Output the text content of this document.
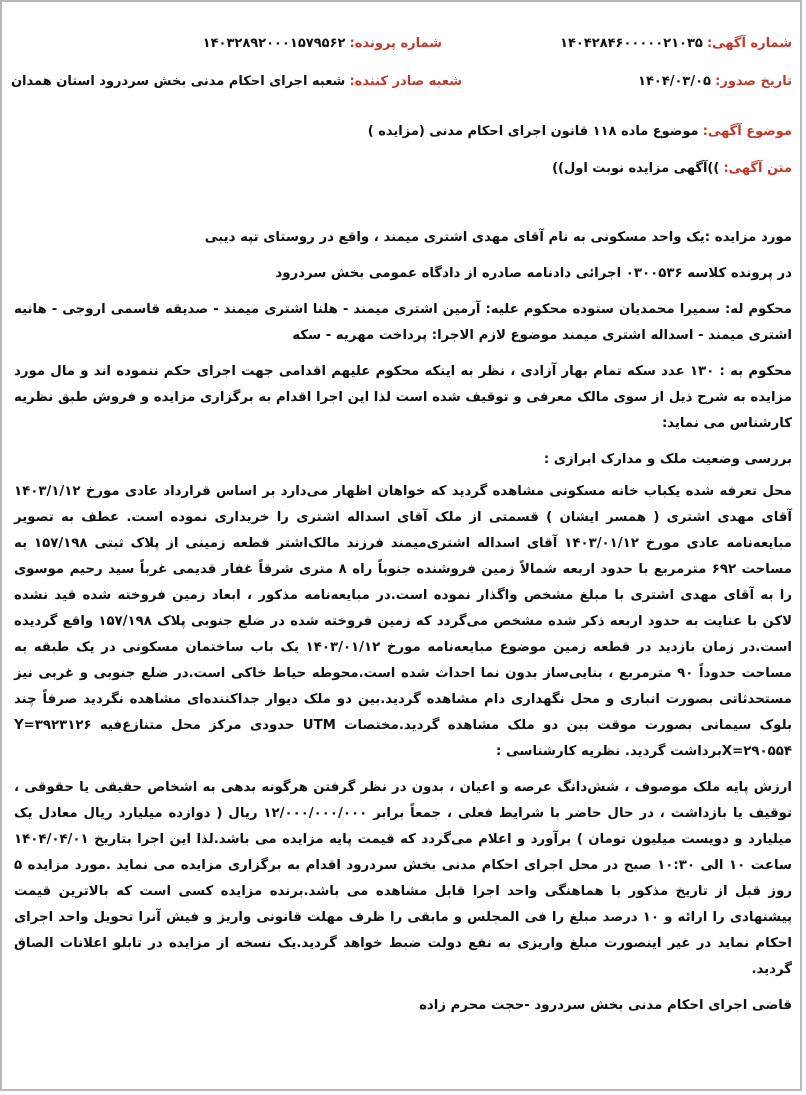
شماره آگهی: ۱۴۰۴۲۸۴۶۰۰۰۰۰۲۱۰۳۵
شماره پرونده: ۱۴۰۳۲۸۹۲۰۰۰۱۵۷۹۵۶۲
تاریخ صدور: ۱۴۰۴/۰۳/۰۵
شعبه صادر کننده: شعبه اجرای احکام مدنی بخش سردرود استان همدان
موضوع آگهی: موضوع ماده ۱۱۸ قانون اجرای احکام مدنی (مزایده )
متن آگهی: ))آگهی مزایده نوبت اول))

مورد مزایده :یک واحد مسکونی به نام آقای مهدی اشتری میمند ، واقع در روستای تپه دیبی

در پرونده کلاسه ۰۳۰۰۵۳۶ اجرائی دادنامه صادره از دادگاه عمومی بخش سردرود

محکوم له: سمیرا محمدیان ستوده محکوم علیه: آرمین اشتری میمند - هلنا اشتری میمند - صدیقه قاسمی اروجی - هانیه اشتری میمند - اسداله اشتری میمند موضوع لازم الاجرا: پرداخت مهریه - سکه

محکوم به : ۱۳۰ عدد سکه تمام بهار آزادی ، نظر به اینکه محکوم علیهم اقدامی جهت اجرای حکم ننموده اند و مال مورد مزایده به شرح ذیل از سوی مالک معرفی و توقیف شده است لذا این اجرا اقدام به برگزاری مزایده و فروش طبق نظریه کارشناس می نماید:

بررسی وضعیت ملک و مدارک ابرازی :

محل تعرفه شده یکباب خانه مسکونی مشاهده گردید که خواهان اظهار می‌دارد بر اساس قرارداد عادی مورخ ۱۴۰۳/۱/۱۲ آقای مهدی اشتری ( همسر ایشان ) قسمتی از ملک آقای اسداله اشتری را خریداری نموده است. عطف به تصویر مبایعه‌نامه عادی مورخ ۱۴۰۳/۰۱/۱۲ آقای اسداله اشتری‌میمند فرزند مالک‌اشتر قطعه زمینی از پلاک ثبتی ۱۵۷/۱۹۸ به مساحت ۶۹۲ مترمربع با حدود اربعه شمالاً زمین فروشنده جنوباً راه ۸ متری شرقاً غفار قدیمی غرباً سید رحیم موسوی را به آقای مهدی اشتری با مبلغ مشخص واگذار نموده است.در مبایعه‌نامه مذکور ، ابعاد زمین فروخته شده قید نشده لاکن با عنایت به حدود اربعه ذکر شده مشخص می‌گردد که زمین فروخته شده در ضلع جنوبی پلاک ۱۵۷/۱۹۸ واقع گردیده است.در زمان بازدید در قطعه زمین موضوع مبایعه‌نامه مورخ ۱۴۰۳/۰۱/۱۲ یک باب ساختمان مسکونی در یک طبقه به مساحت حدوداً ۹۰ مترمربع ، بنایی‌ساز بدون نما احداث شده است.محوطه حیاط خاکی است.در ضلع جنوبی و غربی نیز مستحدثاتی بصورت انباری و محل نگهداری دام مشاهده گردید.بین دو ملک دیوار جداکننده‌ای مشاهده نگردید صرفاً چند بلوک سیمانی بصورت موقت بین دو ملک مشاهده گردید.مختصات UTM حدودی مرکز محل متنازع‌فیه Y=۳۹۲۳۱۲۶ X=۲۹۰۵۵۴برداشت گردید. نظریه کارشناسی :

ارزش پایه ملک موصوف ، شش‌دانگ عرصه و اعیان ، بدون در نظر گرفتن هرگونه بدهی به اشخاص حقیقی یا حقوقی ، توقیف یا بازداشت ، در حال حاضر با شرایط فعلی ، جمعاً برابر ۱۲/۰۰۰/۰۰۰/۰۰۰ ریال ( دوازده میلیارد ریال معادل یک میلیارد و دویست میلیون تومان ) برآورد و اعلام می‌گردد که قیمت پایه مزایده می باشد.لذا این اجرا بتاریخ ۱۴۰۴/۰۴/۰۱ ساعت ۱۰ الی ۱۰:۳۰ صبح در محل اجرای احکام مدنی بخش سردرود اقدام به برگزاری مزایده می نماید .مورد مزایده ۵ روز قبل از تاریخ مذکور با هماهنگی واحد اجرا قابل مشاهده می باشد.برنده مزایده کسی است که بالاترین قیمت پیشنهادی را ارائه و ۱۰ درصد مبلغ را فی المجلس و مابقی را ظرف مهلت قانونی واریز و فیش آنرا تحویل واحد اجرای احکام نماید در غیر اینصورت مبلغ واریزی به نفع دولت ضبط خواهد گردید.یک نسخه از مزایده در تابلو اعلانات الصاق گردید.

قاضی اجرای احکام مدنی بخش سردرود -حجت محرم زاده
